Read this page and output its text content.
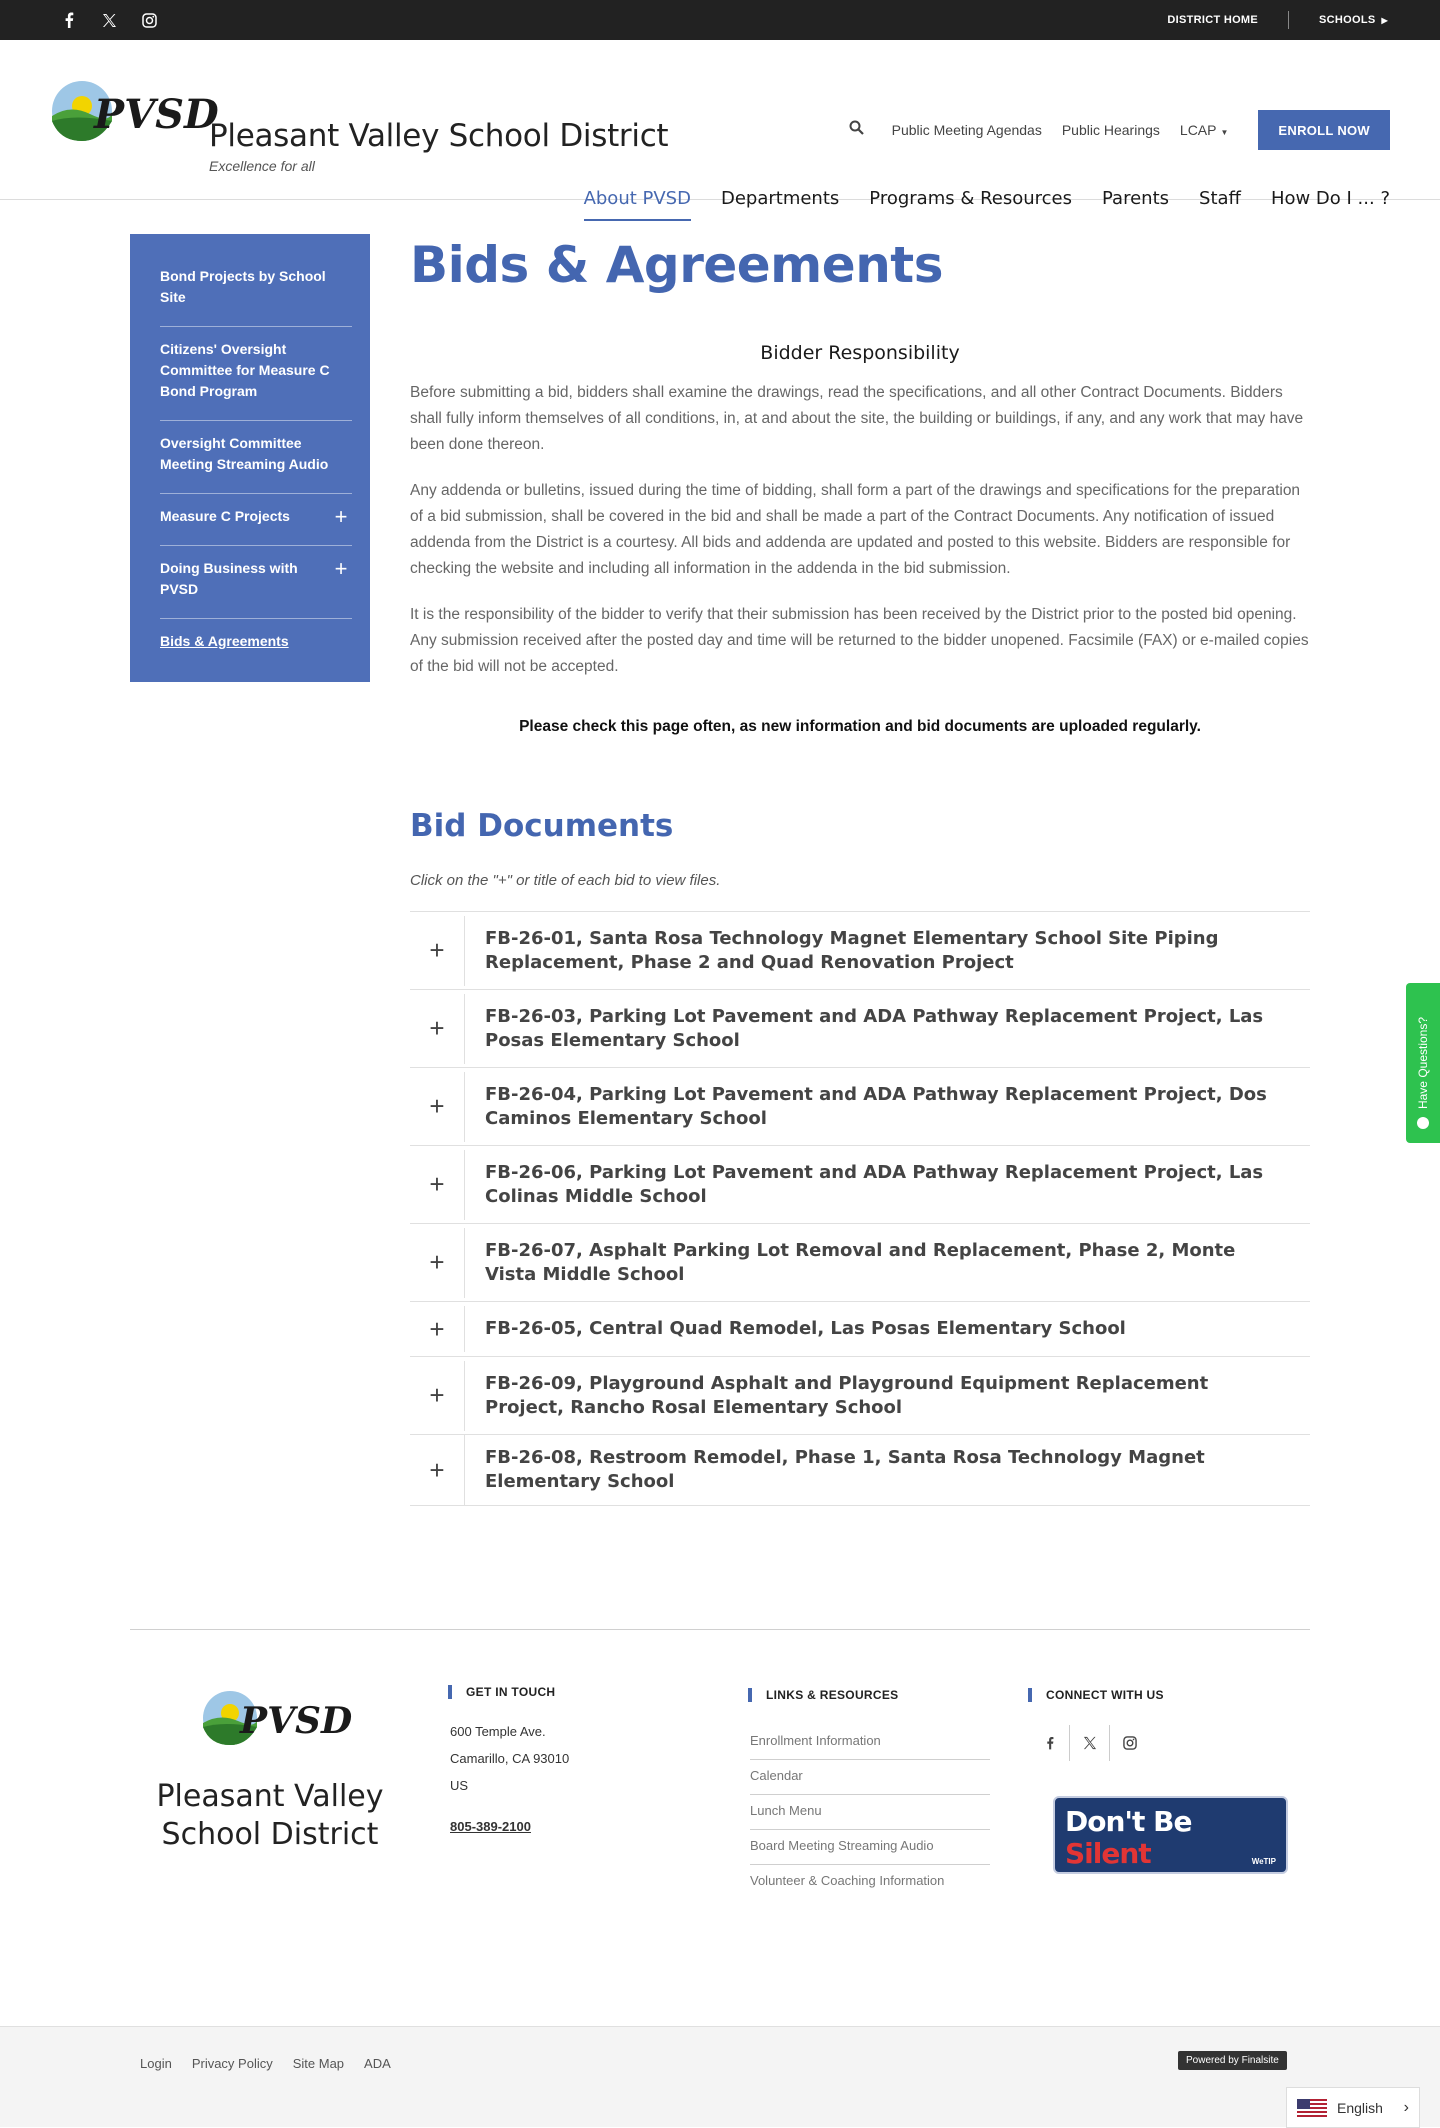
DISTRICT HOME	SCHOOLS ▶
PVSD
Pleasant Valley School District
Excellence for all
Public Meeting Agendas Public Hearings LCAP ▼	ENROLL NOW
About PVSD Departments Programs & Resources Parents Staff How Do I ... ?
Bond Projects by School Site
Citizens' Oversight Committee for Measure C Bond Program
Oversight Committee Meeting Streaming Audio
Measure C Projects	+
Doing Business with PVSD
+
Bids & Agreements
Bids & Agreements
Bidder Responsibility

Before submitting a bid, bidders shall examine the drawings, read the specifications, and all other Contract Documents. Bidders shall fully inform themselves of all conditions, in, at and about the site, the building or buildings, if any, and any work that may have been done thereon.

Any addenda or bulletins, issued during the time of bidding, shall form a part of the drawings and specifications for the preparation of a bid submission, shall be covered in the bid and shall be made a part of the Contract Documents. Any notification of issued addenda from the District is a courtesy. All bids and addenda are updated and posted to this website. Bidders are responsible for checking the website and including all information in the addenda in the bid submission.

It is the responsibility of the bidder to verify that their submission has been received by the District prior to the posted bid opening. Any submission received after the posted day and time will be returned to the bidder unopened. Facsimile (FAX) or e-mailed copies of the bid will not be accepted.

Please check this page often, as new information and bid documents are uploaded regularly.
Bid Documents
Click on the "+" or title of each bid to view files.
+	FB-26-01, Santa Rosa Technology Magnet Elementary School Site Piping Replacement, Phase 2 and Quad Renovation Project
+	FB-26-03, Parking Lot Pavement and ADA Pathway Replacement Project, Las Posas Elementary School
+	FB-26-04, Parking Lot Pavement and ADA Pathway Replacement Project, Dos Caminos Elementary School
+	FB-26-06, Parking Lot Pavement and ADA Pathway Replacement Project, Las Colinas Middle School
+	FB-26-07, Asphalt Parking Lot Removal and Replacement, Phase 2, Monte Vista Middle School
+	FB-26-05, Central Quad Remodel, Las Posas Elementary School
+	FB-26-09, Playground Asphalt and Playground Equipment Replacement Project, Rancho Rosal Elementary School
+	FB-26-08, Restroom Remodel, Phase 1, Santa Rosa Technology Magnet Elementary School
Have Questions?
PVSD
Pleasant Valley School District
GET IN TOUCH
600 Temple Ave.
Camarillo, CA 93010
US
805-389-2100
LINKS & RESOURCES
Enrollment Information
Calendar
Lunch Menu
Board Meeting Streaming Audio
Volunteer & Coaching Information
CONNECT WITH US
Don't Be Silent
Submit an Anonymous Tip ›
WeTIP
Login Privacy Policy Site Map ADA	Powered by Finalsite
English ›
